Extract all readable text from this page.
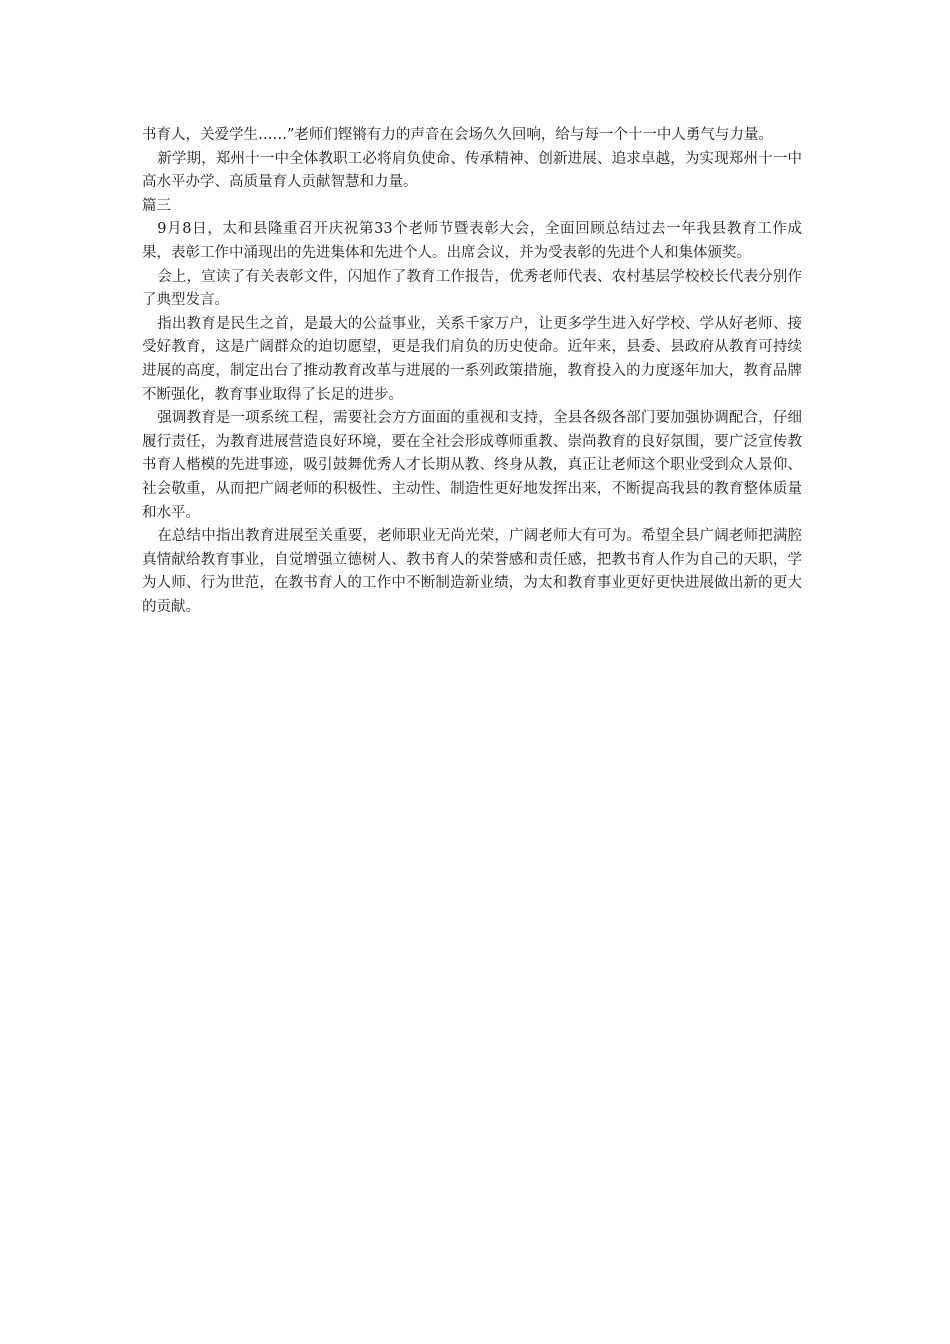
书育人，关爱学生……”老师们铿锵有力的声音在会场久久回响，给与每一个十一中人勇气与力量。

新学期，郑州十一中全体教职工必将肩负使命、传承精神、创新进展、追求卓越，为实现郑州十一中高水平办学、高质量育人贡献智慧和力量。

篇三

9月8日，太和县隆重召开庆祝第33个老师节暨表彰大会，全面回顾总结过去一年我县教育工作成果，表彰工作中涌现出的先进集体和先进个人。出席会议，并为受表彰的先进个人和集体颁奖。

会上，宣读了有关表彰文件，闪旭作了教育工作报告，优秀老师代表、农村基层学校校长代表分别作了典型发言。

指出教育是民生之首，是最大的公益事业，关系千家万户，让更多学生进入好学校、学从好老师、接受好教育，这是广阔群众的迫切愿望，更是我们肩负的历史使命。近年来，县委、县政府从教育可持续进展的高度，制定出台了推动教育改革与进展的一系列政策措施，教育投入的力度逐年加大，教育品牌不断强化，教育事业取得了长足的进步。

强调教育是一项系统工程，需要社会方方面面的重视和支持，全县各级各部门要加强协调配合，仔细履行责任，为教育进展营造良好环境，要在全社会形成尊师重教、崇尚教育的良好氛围，要广泛宣传教书育人楷模的先进事迹，吸引鼓舞优秀人才长期从教、终身从教，真正让老师这个职业受到众人景仰、社会敬重，从而把广阔老师的积极性、主动性、制造性更好地发挥出来，不断提高我县的教育整体质量和水平。

在总结中指出教育进展至关重要，老师职业无尚光荣，广阔老师大有可为。希望全县广阔老师把满腔真情献给教育事业，自觉增强立德树人、教书育人的荣誉感和责任感，把教书育人作为自己的天职，学为人师、行为世范，在教书育人的工作中不断制造新业绩，为太和教育事业更好更快进展做出新的更大的贡献。
